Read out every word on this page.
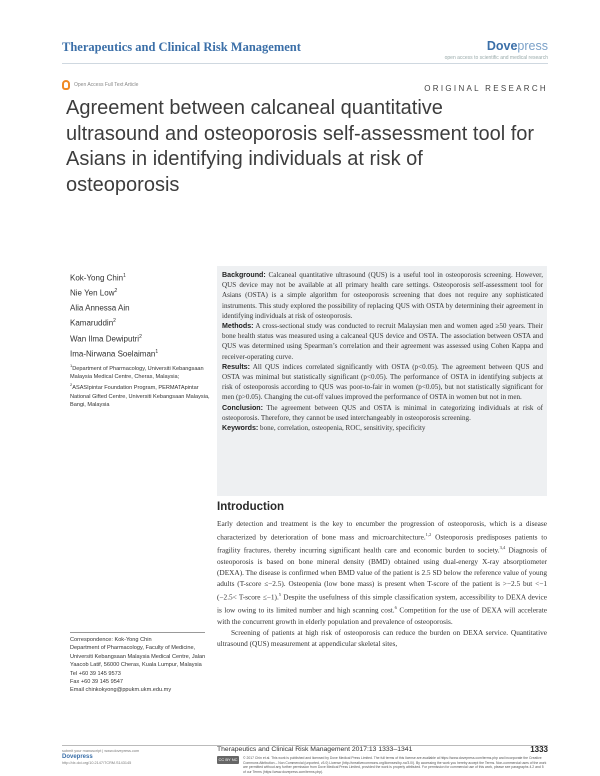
Therapeutics and Clinical Risk Management	Dovepress
open access to scientific and medical research
Open Access Full Text Article	ORIGINAL RESEARCH
Agreement between calcaneal quantitative ultrasound and osteoporosis self-assessment tool for Asians in identifying individuals at risk of osteoporosis
Kok-Yong Chin$^1$
Nie Yen Low$^2$
Alia Annessa Ain
Kamaruddin$^2$
Wan Ilma Dewiputri$^2$
Ima-Nirwana Soelaiman$^1$
$^1$Department of Pharmacology, Universiti Kebangsaan Malaysia Medical Centre, Cheras, Malaysia; $^2$ASASIpintar Foundation Program, PERMATApintar National Gifted Centre, Universiti Kebangsaan Malaysia, Bangi, Malaysia

Background: Calcaneal quantitative ultrasound (QUS) is a useful tool in osteoporosis screening. However, QUS device may not be available at all primary health care settings. Osteoporosis self-assessment tool for Asians (OSTA) is a simple algorithm for osteoporosis screening that does not require any sophisticated instruments. This study explored the possibility of replacing QUS with OSTA by determining their agreement in identifying individuals at risk of osteoporosis.

Methods: A cross-sectional study was conducted to recruit Malaysian men and women aged ≥50 years. Their bone health status was measured using a calcaneal QUS device and OSTA. The association between OSTA and QUS was determined using Spearman’s correlation and their agreement was assessed using Cohen Kappa and receiver-operating curve.

Results: All QUS indices correlated significantly with OSTA (p<0.05). The agreement between QUS and OSTA was minimal but statistically significant (p<0.05). The performance of OSTA in identifying subjects at risk of osteoporosis according to QUS was poor-to-fair in women (p<0.05), but not statistically significant for men (p>0.05). Changing the cut-off values improved the performance of OSTA in women but not in men.

Conclusion: The agreement between QUS and OSTA is minimal in categorizing individuals at risk of osteoporosis. Therefore, they cannot be used interchangeably in osteoporosis screening.

Keywords: bone, correlation, osteopenia, ROC, sensitivity, specificity

Introduction

Early detection and treatment is the key to encumber the progression of osteoporosis, which is a disease characterized by deterioration of bone mass and microarchitecture.$^{1,2}$ Osteoporosis predisposes patients to fragility fractures, thereby incurring significant health care and economic burden to society.$^{3,4}$ Diagnosis of osteoporosis is based on bone mineral density (BMD) obtained using dual-energy X-ray absorptiometer (DEXA). The disease is confirmed when BMD value of the patient is 2.5 SD below the reference value of young adults (T-score ≤−2.5). Osteopenia (low bone mass) is present when T-score of the patient is >−2.5 but <−1 (−2.5< T-score ≤−1).$^5$ Despite the usefulness of this simple classification system, accessibility to DEXA device is low owing to its limited number and high scanning cost.$^6$ Competition for the use of DEXA will accelerate with the concurrent growth in elderly population and prevalence of osteoporosis.

Screening of patients at high risk of osteoporosis can reduce the burden on DEXA service. Quantitative ultrasound (QUS) measurement at appendicular skeletal sites,

Correspondence: Kok-Yong Chin
Department of Pharmacology, Faculty of Medicine, Universiti Kebangsaan Malaysia Medical Centre, Jalan Yaacob Latif, 56000 Cheras, Kuala Lumpur, Malaysia
Tel +60 39 145 9573
Fax +60 39 145 9547
Email chinkokyong@ppukm.ukm.edu.my
submit your manuscript | www.dovepress.com
Dovepress
http://dx.doi.org/10.2147/TCRM.S143145
Therapeutics and Clinical Risk Management 2017:13 1333–1341	1333
CC BY NC	© 2017 Chin et al. This work is published and licensed by Dove Medical Press Limited. The full terms of this license are available at https://www.dovepress.com/terms.php and incorporate the Creative Commons Attribution – Non Commercial (unported, v3.0) License (http://creativecommons.org/licenses/by-nc/3.0/). By accessing the work you hereby accept the Terms. Non-commercial uses of the work are permitted without any further permission from Dove Medical Press Limited, provided the work is properly attributed. For permission for commercial use of this work, please see paragraphs 4.2 and 5 of our Terms (https://www.dovepress.com/terms.php).
